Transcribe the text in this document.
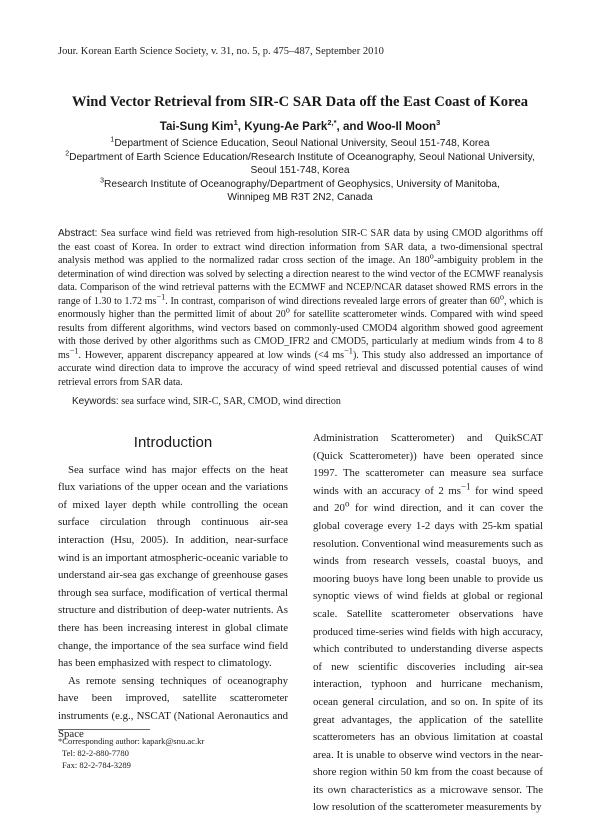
Jour. Korean Earth Science Society, v. 31, no. 5, p. 475–487, September 2010
Wind Vector Retrieval from SIR-C SAR Data off the East Coast of Korea
Tai-Sung Kim$^1$, Kyung-Ae Park$^{2,*}$, and Woo-Il Moon$^3$
$^1$Department of Science Education, Seoul National University, Seoul 151-748, Korea
$^2$Department of Earth Science Education/Research Institute of Oceanography, Seoul National University,
Seoul 151-748, Korea
$^3$Research Institute of Oceanography/Department of Geophysics, University of Manitoba,
Winnipeg MB R3T 2N2, Canada
Abstract: Sea surface wind field was retrieved from high-resolution SIR-C SAR data by using CMOD algorithms off the east coast of Korea. In order to extract wind direction information from SAR data, a two-dimensional spectral analysis method was applied to the normalized radar cross section of the image. An 180$^o$-ambiguity problem in the determination of wind direction was solved by selecting a direction nearest to the wind vector of the ECMWF reanalysis data. Comparison of the wind retrieval patterns with the ECMWF and NCEP/NCAR dataset showed RMS errors in the range of 1.30 to 1.72 $ms^{-1}$. In contrast, comparison of wind directions revealed large errors of greater than 60$^o$, which is enormously higher than the permitted limit of about 20$^o$ for satellite scatterometer winds. Compared with wind speed results from different algorithms, wind vectors based on commonly-used CMOD4 algorithm showed good agreement with those derived by other algorithms such as CMOD_IFR2 and CMOD5, particularly at medium winds from 4 to 8 $ms^{-1}$. However, apparent discrepancy appeared at low winds (<4 $ms^{-1}$). This study also addressed an importance of accurate wind direction data to improve the accuracy of wind speed retrieval and discussed potential causes of wind retrieval errors from SAR data.
Keywords: sea surface wind, SIR-C, SAR, CMOD, wind direction
Introduction

Sea surface wind has major effects on the heat flux variations of the upper ocean and the variations of mixed layer depth while controlling the ocean surface circulation through continuous air-sea interaction (Hsu, 2005). In addition, near-surface wind is an important atmospheric-oceanic variable to understand air-sea gas exchange of greenhouse gases through sea surface, modification of vertical thermal structure and distribution of deep-water nutrients. As there has been increasing interest in global climate change, the importance of the sea surface wind field has been emphasized with respect to climatology.

As remote sensing techniques of oceanography have been improved, satellite scatterometer instruments (e.g., NSCAT (National Aeronautics and Space

Administration Scatterometer) and QuikSCAT (Quick Scatterometer)) have been operated since 1997. The scatterometer can measure sea surface winds with an accuracy of 2 $ms^{-1}$ for wind speed and 20$^o$ for wind direction, and it can cover the global coverage every 1-2 days with 25-km spatial resolution. Conventional wind measurements such as winds from research vessels, coastal buoys, and mooring buoys have long been unable to provide us synoptic views of wind fields at global or regional scale. Satellite scatterometer observations have produced time-series wind fields with high accuracy, which contributed to understanding diverse aspects of new scientific discoveries including air-sea interaction, typhoon and hurricane mechanism, ocean general circulation, and so on. In spite of its great advantages, the application of the satellite scatterometers has an obvious limitation at coastal area. It is unable to observe wind vectors in the near-shore region within 50 km from the coast because of its own characteristics as a microwave sensor. The low resolution of the scatterometer measurements by

*Corresponding author: kapark@snu.ac.kr
Tel: 82-2-880-7780
Fax: 82-2-784-3289
